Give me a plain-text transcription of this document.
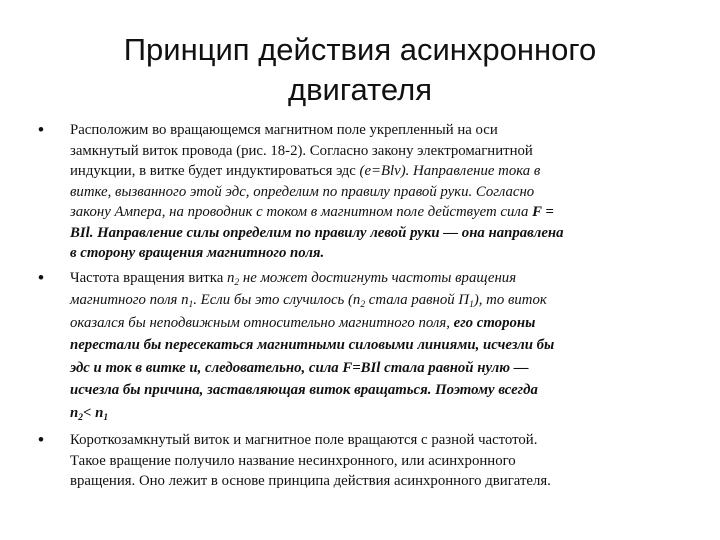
Принцип действия асинхронного
двигателя
• Расположим во вращающемся магнитном поле укрепленный на оси
замкнутый виток провода (рис. 18-2). Согласно закону электромагнитной
индукции, в витке будет индуктироваться эдс (e=Blv). Направление тока в
витке, вызванного этой эдс, определим по правилу правой руки. Согласно
закону Ампера, на проводник с током в магнитном поле действует сила F =
BIl. Направление силы определим по правилу левой руки — она направлена
в сторону вращения магнитного поля.
• Частота вращения витка $n_2$ не может достигнуть частоты вращения
магнитного поля $n_1$. Если бы это случилось ($n_2$ стала равной $П_1$), то виток
оказался бы неподвижным относительно магнитного поля, его стороны
перестали бы пересекаться магнитными силовыми линиями, исчезли бы
эдс и ток в витке и, следовательно, сила F=BIl стала равной нулю —
исчезла бы причина, заставляющая виток вращаться. Поэтому всегда
$n_2< n_1$
• Короткозамкнутый виток и магнитное поле вращаются с разной частотой.
Такое вращение получило название несинхронного, или асинхронного
вращения. Оно лежит в основе принципа действия асинхронного двигателя.
